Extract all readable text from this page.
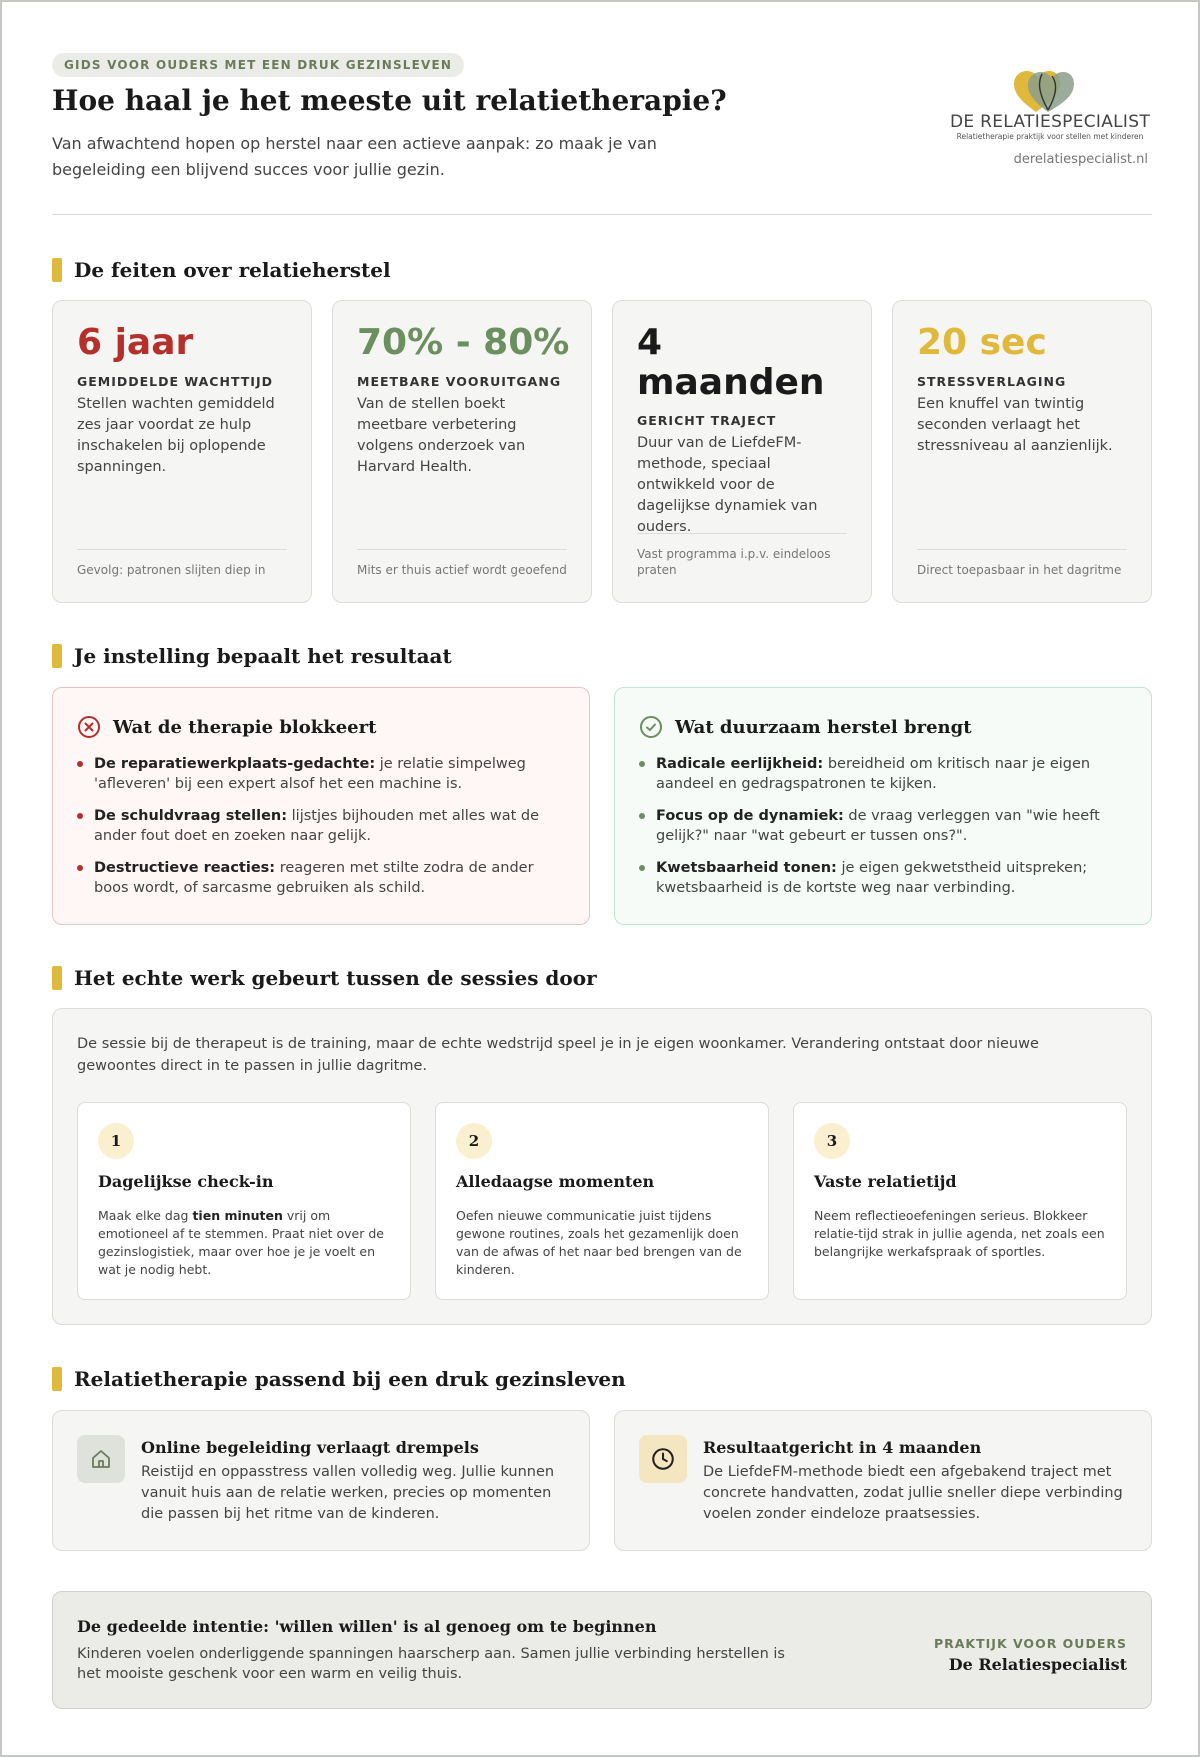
GIDS VOOR OUDERS MET EEN DRUK GEZINSLEVEN
Hoe haal je het meeste uit relatietherapie?

Van afwachtend hopen op herstel naar een actieve aanpak: zo maak je van begeleiding een blijvend succes voor jullie gezin.

DE RELATIESPECIALIST
Relatietherapie praktijk voor stellen met kinderen
derelatiespecialist.nl
De feiten over relatieherstel
6 jaar
GEMIDDELDE WACHTTIJD
Stellen wachten gemiddeld zes jaar voordat ze hulp inschakelen bij oplopende spanningen.
Gevolg: patronen slijten diep in
70% - 80%
MEETBARE VOORUITGANG
Van de stellen boekt meetbare verbetering volgens onderzoek van Harvard Health.
Mits er thuis actief wordt geoefend
4 maanden
GERICHT TRAJECT
Duur van de LiefdeFM-methode, speciaal ontwikkeld voor de dagelijkse dynamiek van ouders.
Vast programma i.p.v. eindeloos praten
20 sec
STRESSVERLAGING
Een knuffel van twintig seconden verlaagt het stressniveau al aanzienlijk.
Direct toepasbaar in het dagritme
Je instelling bepaalt het resultaat
Wat de therapie blokkeert
De reparatiewerkplaats-gedachte: je relatie simpelweg 'afleveren' bij een expert alsof het een machine is.
De schuldvraag stellen: lijstjes bijhouden met alles wat de ander fout doet en zoeken naar gelijk.
Destructieve reacties: reageren met stilte zodra de ander boos wordt, of sarcasme gebruiken als schild.
Wat duurzaam herstel brengt
Radicale eerlijkheid: bereidheid om kritisch naar je eigen aandeel en gedragspatronen te kijken.
Focus op de dynamiek: de vraag verleggen van "wie heeft gelijk?" naar "wat gebeurt er tussen ons?".
Kwetsbaarheid tonen: je eigen gekwetstheid uitspreken; kwetsbaarheid is de kortste weg naar verbinding.
Het echte werk gebeurt tussen de sessies door

De sessie bij de therapeut is de training, maar de echte wedstrijd speel je in je eigen woonkamer. Verandering ontstaat door nieuwe gewoontes direct in te passen in jullie dagritme.

1
Dagelijkse check-in
Maak elke dag tien minuten vrij om emotioneel af te stemmen. Praat niet over de gezinslogistiek, maar over hoe je je voelt en wat je nodig hebt.
2
Alledaagse momenten
Oefen nieuwe communicatie juist tijdens gewone routines, zoals het gezamenlijk doen van de afwas of het naar bed brengen van de kinderen.
3
Vaste relatietijd
Neem reflectieoefeningen serieus. Blokkeer relatie-tijd strak in jullie agenda, net zoals een belangrijke werkafspraak of sportles.
Relatietherapie passend bij een druk gezinsleven
Online begeleiding verlaagt drempels
Reistijd en oppasstress vallen volledig weg. Jullie kunnen vanuit huis aan de relatie werken, precies op momenten die passen bij het ritme van de kinderen.
Resultaatgericht in 4 maanden
De LiefdeFM-methode biedt een afgebakend traject met concrete handvatten, zodat jullie sneller diepe verbinding voelen zonder eindeloze praatsessies.
De gedeelde intentie: 'willen willen' is al genoeg om te beginnen
Kinderen voelen onderliggende spanningen haarscherp aan. Samen jullie verbinding herstellen is het mooiste geschenk voor een warm en veilig thuis.
PRAKTIJK VOOR OUDERS
De Relatiespecialist
